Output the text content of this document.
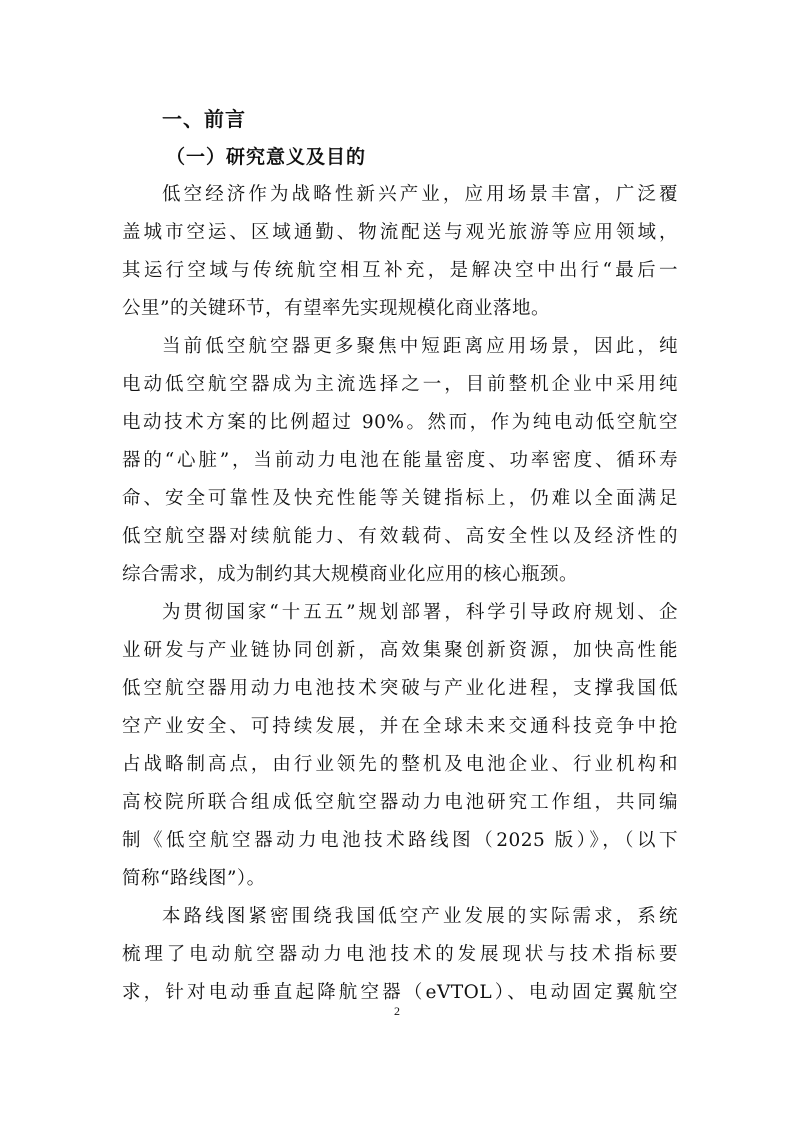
一、前言
（一）研究意义及目的
低空经济作为战略性新兴产业，应用场景丰富，广泛覆
盖城市空运、区域通勤、物流配送与观光旅游等应用领域，
其运行空域与传统航空相互补充，是解决空中出行“最后一
公里”的关键环节，有望率先实现规模化商业落地。
当前低空航空器更多聚焦中短距离应用场景，因此，纯
电动低空航空器成为主流选择之一，目前整机企业中采用纯
电动技术方案的比例超过 90%。然而，作为纯电动低空航空
器的“心脏”，当前动力电池在能量密度、功率密度、循环寿
命、安全可靠性及快充性能等关键指标上，仍难以全面满足
低空航空器对续航能力、有效载荷、高安全性以及经济性的
综合需求，成为制约其大规模商业化应用的核心瓶颈。
为贯彻国家“十五五”规划部署，科学引导政府规划、企
业研发与产业链协同创新，高效集聚创新资源，加快高性能
低空航空器用动力电池技术突破与产业化进程，支撑我国低
空产业安全、可持续发展，并在全球未来交通科技竞争中抢
占战略制高点，由行业领先的整机及电池企业、行业机构和
高校院所联合组成低空航空器动力电池研究工作组，共同编
制《低空航空器动力电池技术路线图（2025 版）》，（以下
简称“路线图”）。
本路线图紧密围绕我国低空产业发展的实际需求，系统
梳理了电动航空器动力电池技术的发展现状与技术指标要
求，针对电动垂直起降航空器（eVTOL）、电动固定翼航空
2
